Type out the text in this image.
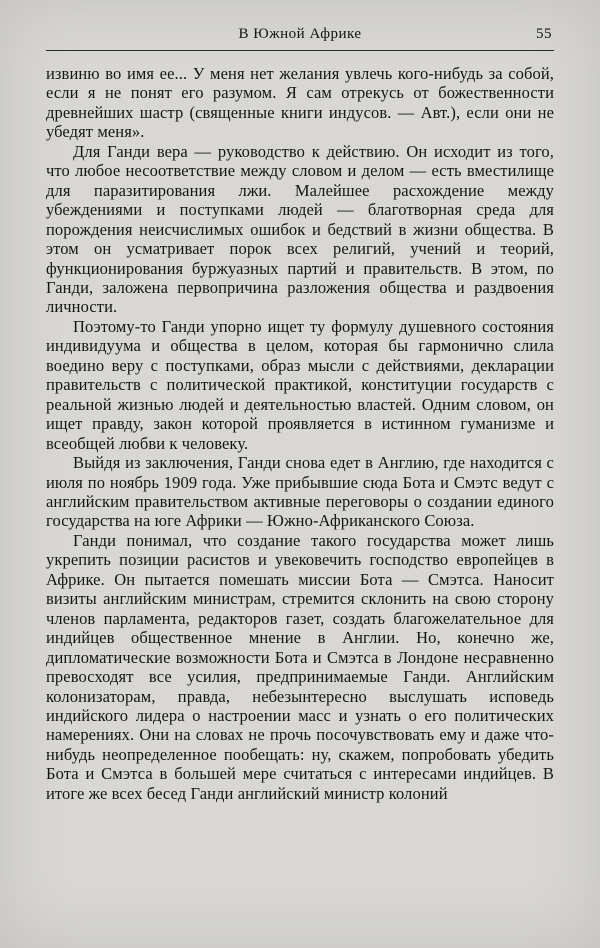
В Южной Африке	55

извиню во имя ее... У меня нет желания увлечь кого-нибудь за собой, если я не понят его разумом. Я сам отрекусь от божественности древнейших шастр (священные книги индусов. — Авт.), если они не убедят меня».

Для Ганди вера — руководство к действию. Он исходит из того, что любое несоответствие между словом и делом — есть вместилище для паразитирования лжи. Малейшее расхождение между убеждениями и поступками людей — благотворная среда для порождения неисчислимых ошибок и бедствий в жизни общества. В этом он усматривает порок всех религий, учений и теорий, функционирования буржуазных партий и правительств. В этом, по Ганди, заложена первопричина разложения общества и раздвоения личности.

Поэтому-то Ганди упорно ищет ту формулу душевного состояния индивидуума и общества в целом, которая бы гармонично слила воедино веру с поступками, образ мысли с действиями, декларации правительств с политической практикой, конституции государств с реальной жизнью людей и деятельностью властей. Одним словом, он ищет правду, закон которой проявляется в истинном гуманизме и всеобщей любви к человеку.

Выйдя из заключения, Ганди снова едет в Англию, где находится с июля по ноябрь 1909 года. Уже прибывшие сюда Бота и Смэтс ведут с английским правительством активные переговоры о создании единого государства на юге Африки — Южно-Африканского Союза.

Ганди понимал, что создание такого государства может лишь укрепить позиции расистов и увековечить господство европейцев в Африке. Он пытается помешать миссии Бота — Смэтса. Наносит визиты английским министрам, стремится склонить на свою сторону членов парламента, редакторов газет, создать благожелательное для индийцев общественное мнение в Англии. Но, конечно же, дипломатические возможности Бота и Смэтса в Лондоне несравненно превосходят все усилия, предпринимаемые Ганди. Английским колонизаторам, правда, небезынтересно выслушать исповедь индийского лидера о настроении масс и узнать о его политических намерениях. Они на словах не прочь посочувствовать ему и даже что-нибудь неопределенное пообещать: ну, скажем, попробовать убедить Бота и Смэтса в большей мере считаться с интересами индийцев. В итоге же всех бесед Ганди английский министр колоний
